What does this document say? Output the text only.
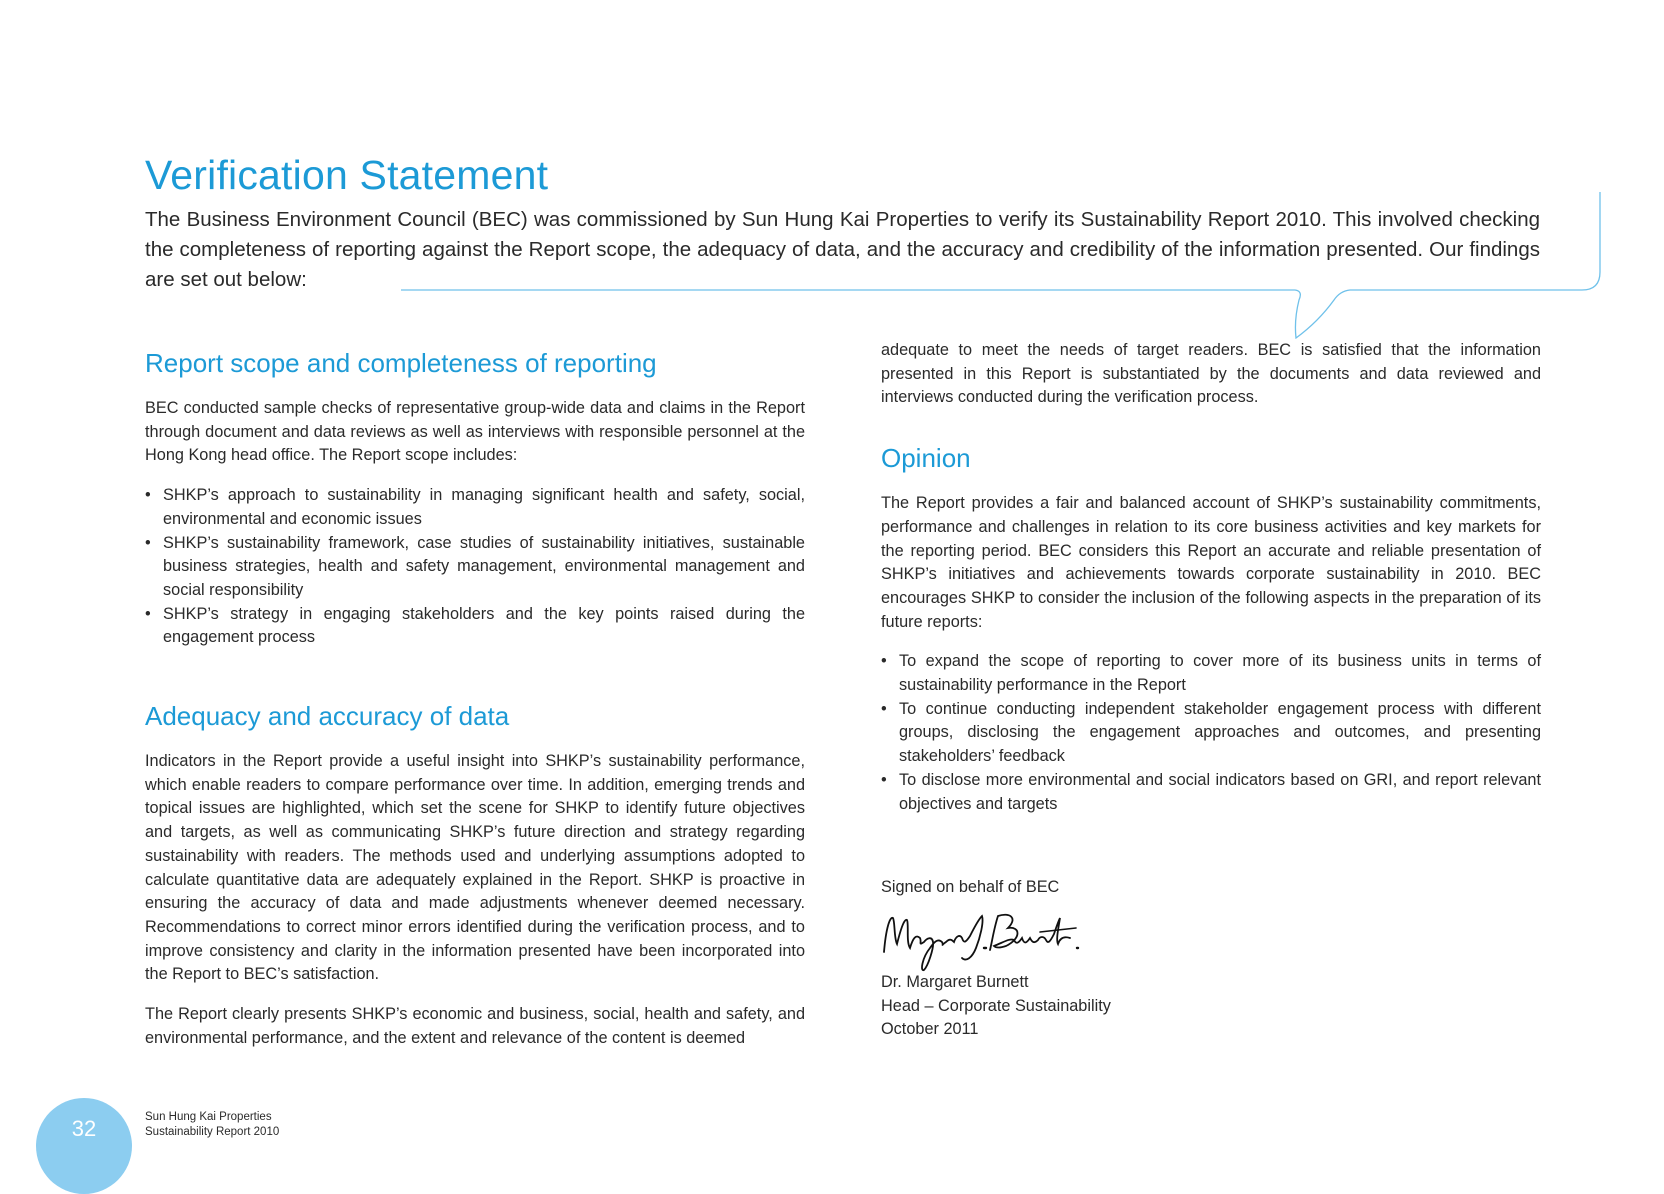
Verification Statement

The Business Environment Council (BEC) was commissioned by Sun Hung Kai Properties to verify its Sustainability Report 2010. This involved checking the completeness of reporting against the Report scope, the adequacy of data, and the accuracy and credibility of the information presented. Our findings are set out below:

Report scope and completeness of reporting

BEC conducted sample checks of representative group-wide data and claims in the Report through document and data reviews as well as interviews with responsible personnel at the Hong Kong head office. The Report scope includes:

• SHKP’s approach to sustainability in managing significant health and safety, social, environmental and economic issues
• SHKP’s sustainability framework, case studies of sustainability initiatives, sustainable business strategies, health and safety management, environmental management and social responsibility
• SHKP’s strategy in engaging stakeholders and the key points raised during the engagement process
Adequacy and accuracy of data

Indicators in the Report provide a useful insight into SHKP’s sustainability performance, which enable readers to compare performance over time. In addition, emerging trends and topical issues are highlighted, which set the scene for SHKP to identify future objectives and targets, as well as communicating SHKP’s future direction and strategy regarding sustainability with readers. The methods used and underlying assumptions adopted to calculate quantitative data are adequately explained in the Report. SHKP is proactive in ensuring the accuracy of data and made adjustments whenever deemed necessary. Recommendations to correct minor errors identified during the verification process, and to improve consistency and clarity in the information presented have been incorporated into the Report to BEC’s satisfaction.

The Report clearly presents SHKP’s economic and business, social, health and safety, and environmental performance, and the extent and relevance of the content is deemed

adequate to meet the needs of target readers. BEC is satisfied that the information presented in this Report is substantiated by the documents and data reviewed and interviews conducted during the verification process.

Opinion

The Report provides a fair and balanced account of SHKP’s sustainability commitments, performance and challenges in relation to its core business activities and key markets for the reporting period. BEC considers this Report an accurate and reliable presentation of SHKP’s initiatives and achievements towards corporate sustainability in 2010. BEC encourages SHKP to consider the inclusion of the following aspects in the preparation of its future reports:

• To expand the scope of reporting to cover more of its business units in terms of sustainability performance in the Report
• To continue conducting independent stakeholder engagement process with different groups, disclosing the engagement approaches and outcomes, and presenting stakeholders’ feedback
• To disclose more environmental and social indicators based on GRI, and report relevant objectives and targets
Signed on behalf of BEC
Dr. Margaret Burnett
Head – Corporate Sustainability
October 2011
32	Sun Hung Kai Properties
Sustainability Report 2010
